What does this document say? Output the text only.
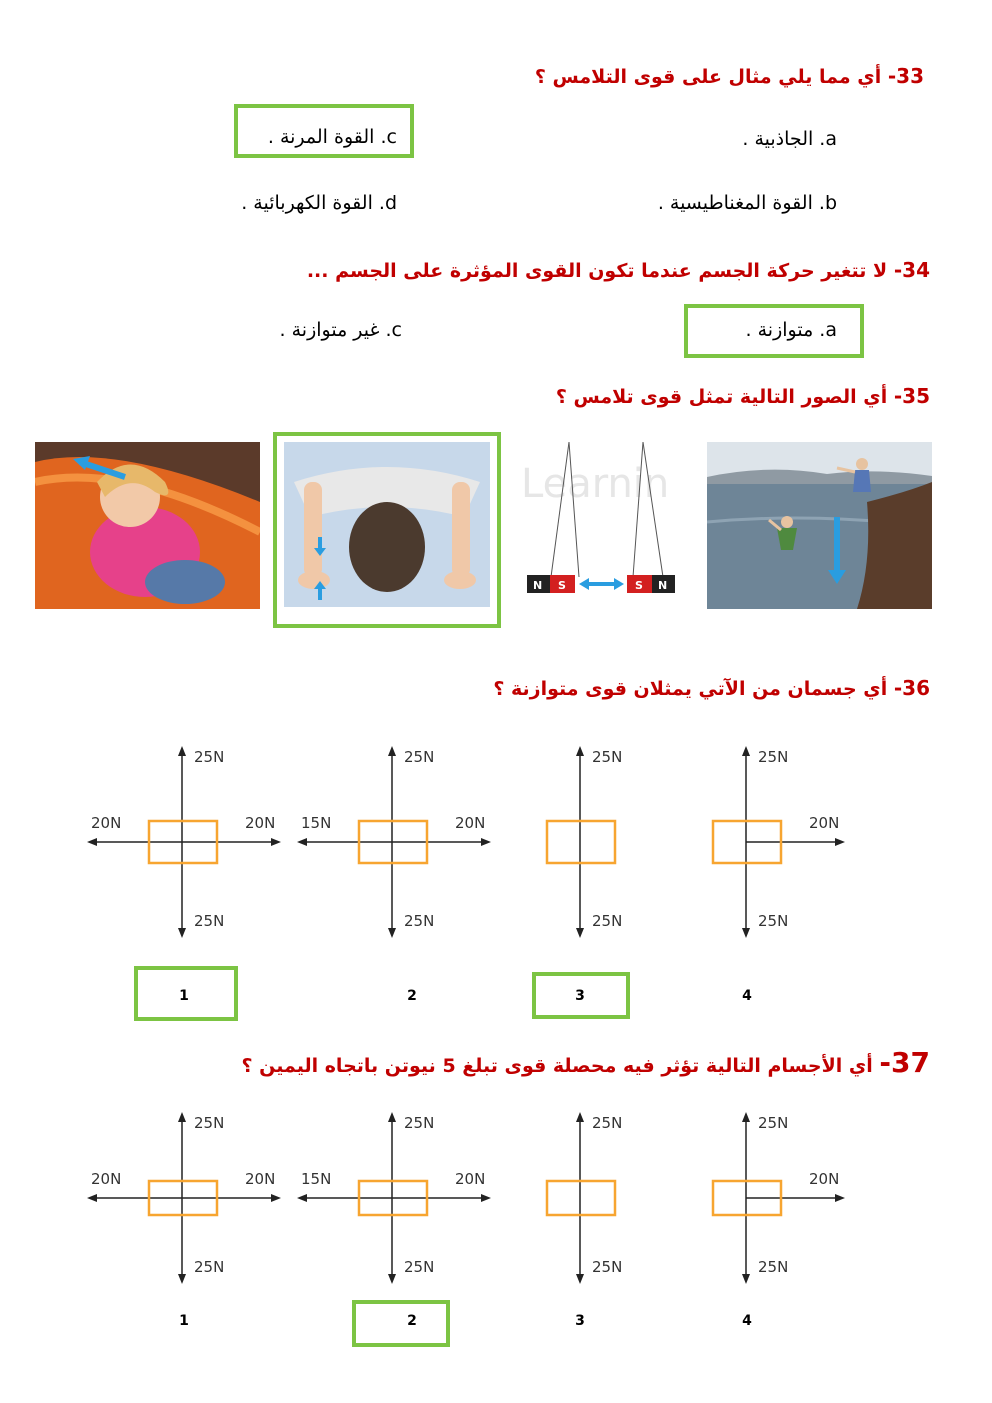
33- أي مما يلي مثال على قوى التلامس ؟
a. الجاذبية .
c. القوة المرنة .
b. القوة المغناطيسية .
d. القوة الكهربائية .
34- لا تتغير حركة الجسم عندما تكون القوى المؤثرة على الجسم ...
a. متوازنة .
c. غير متوازنة .
35- أي الصور التالية تمثل قوى تلامس ؟
Learnin
N S	S N
36- أي جسمان من الآتي يمثلان قوى متوازنة ؟
20N	20N
25N
25N
15N	20N
25N
25N
25N
25N
20N
25N
25N
1	2	3	4
37- أي الأجسام التالية تؤثر فيه محصلة قوى تبلغ 5 نيوتن باتجاه اليمين ؟
20N	20N
25N
25N
15N	20N
25N
25N
25N
25N
20N
25N
25N
1	2	3	4
